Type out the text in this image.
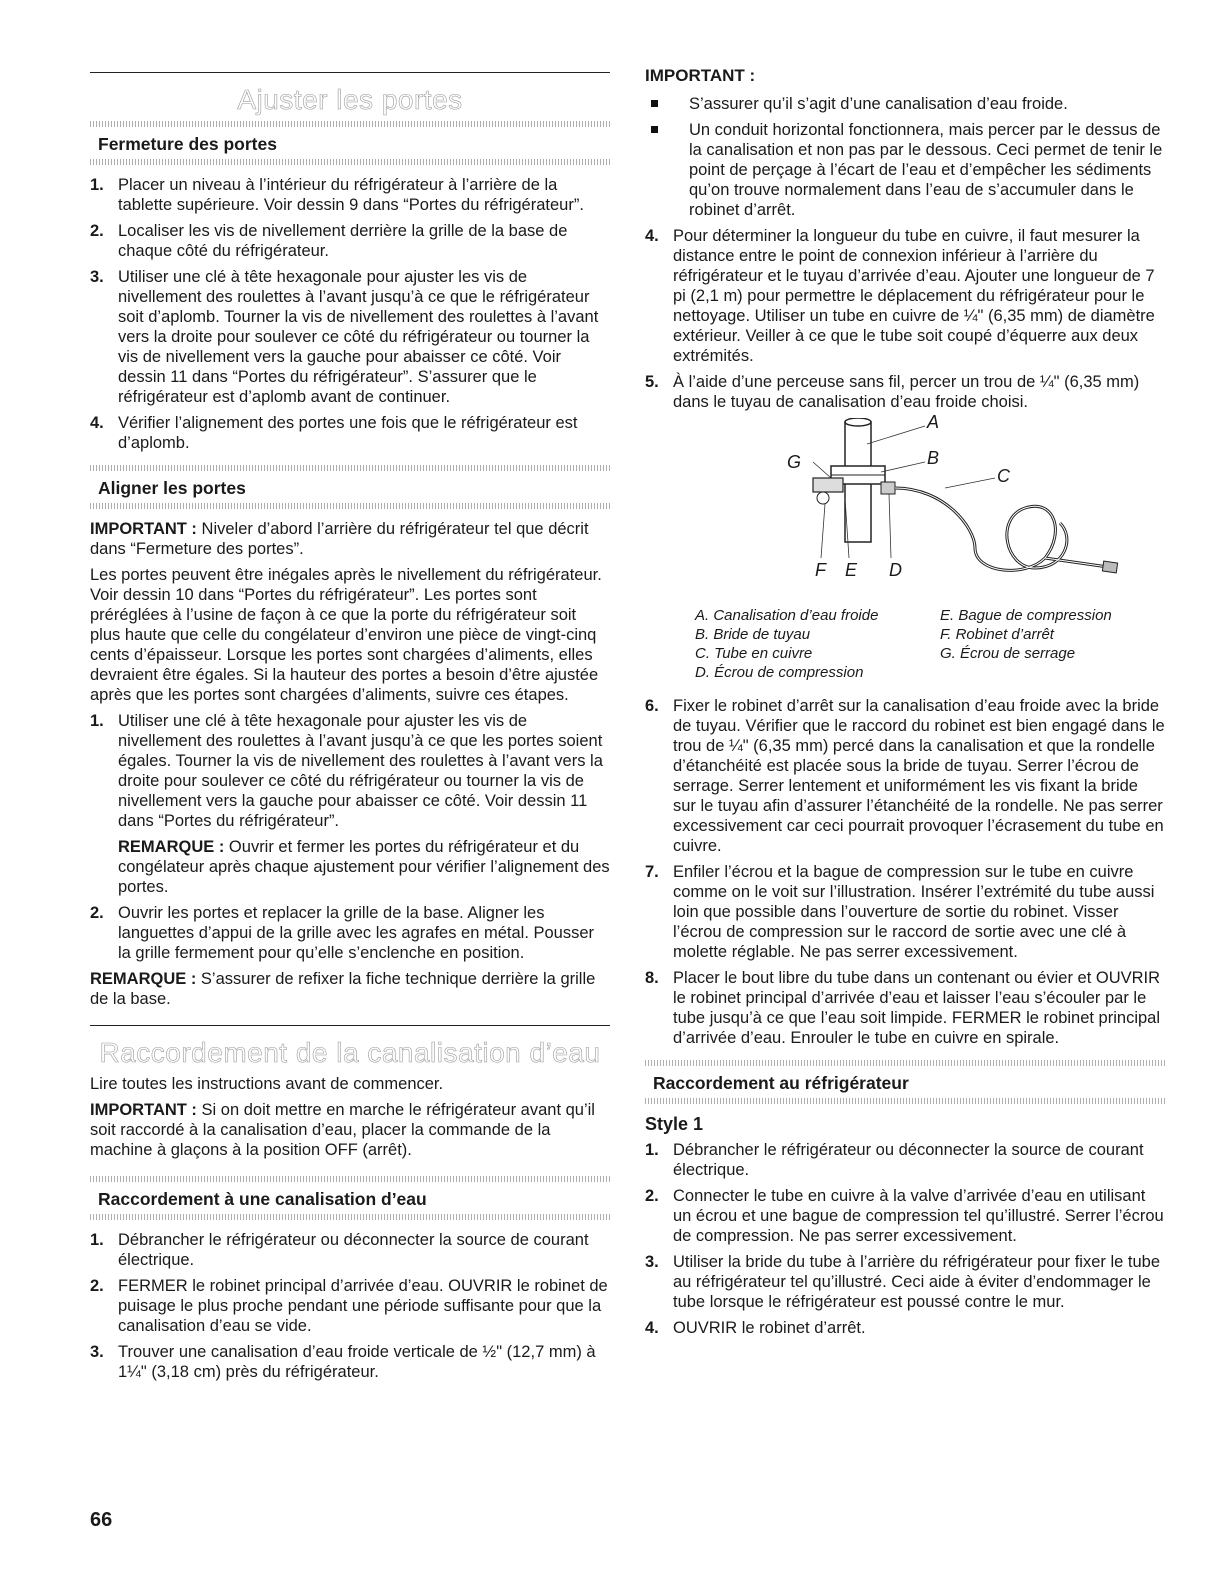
Ajuster les portes
Fermeture des portes
1. Placer un niveau à l’intérieur du réfrigérateur à l’arrière de la tablette supérieure. Voir dessin 9 dans “Portes du réfrigérateur”.
2. Localiser les vis de nivellement derrière la grille de la base de chaque côté du réfrigérateur.
3. Utiliser une clé à tête hexagonale pour ajuster les vis de nivellement des roulettes à l’avant jusqu’à ce que le réfrigérateur soit d’aplomb. Tourner la vis de nivellement des roulettes à l’avant vers la droite pour soulever ce côté du réfrigérateur ou tourner la vis de nivellement vers la gauche pour abaisser ce côté. Voir dessin 11 dans “Portes du réfrigérateur”. S’assurer que le réfrigérateur est d’aplomb avant de continuer.
4. Vérifier l’alignement des portes une fois que le réfrigérateur est d’aplomb.
Aligner les portes

IMPORTANT : Niveler d’abord l’arrière du réfrigérateur tel que décrit dans “Fermeture des portes”.

Les portes peuvent être inégales après le nivellement du réfrigérateur. Voir dessin 10 dans “Portes du réfrigérateur”. Les portes sont préréglées à l’usine de façon à ce que la porte du réfrigérateur soit plus haute que celle du congélateur d’environ une pièce de vingt-cinq cents d’épaisseur. Lorsque les portes sont chargées d’aliments, elles devraient être égales. Si la hauteur des portes a besoin d’être ajustée après que les portes sont chargées d’aliments, suivre ces étapes.

1. Utiliser une clé à tête hexagonale pour ajuster les vis de nivellement des roulettes à l’avant jusqu’à ce que les portes soient égales. Tourner la vis de nivellement des roulettes à l’avant vers la droite pour soulever ce côté du réfrigérateur ou tourner la vis de nivellement vers la gauche pour abaisser ce côté. Voir dessin 11 dans “Portes du réfrigérateur”.
REMARQUE : Ouvrir et fermer les portes du réfrigérateur et du congélateur après chaque ajustement pour vérifier l’alignement des portes.
2. Ouvrir les portes et replacer la grille de la base. Aligner les languettes d’appui de la grille avec les agrafes en métal. Pousser la grille fermement pour qu’elle s’enclenche en position.

REMARQUE : S’assurer de refixer la fiche technique derrière la grille de la base.

Raccordement de la canalisation d’eau

Lire toutes les instructions avant de commencer.

IMPORTANT : Si on doit mettre en marche le réfrigérateur avant qu’il soit raccordé à la canalisation d’eau, placer la commande de la machine à glaçons à la position OFF (arrêt).

Raccordement à une canalisation d’eau
1. Débrancher le réfrigérateur ou déconnecter la source de courant électrique.
2. FERMER le robinet principal d’arrivée d’eau. OUVRIR le robinet de puisage le plus proche pendant une période suffisante pour que la canalisation d’eau se vide.
3. Trouver une canalisation d’eau froide verticale de ½" (12,7 mm) à 1¼" (3,18 cm) près du réfrigérateur.
IMPORTANT :
S’assurer qu’il s’agit d’une canalisation d’eau froide.
Un conduit horizontal fonctionnera, mais percer par le dessus de la canalisation et non pas par le dessous. Ceci permet de tenir le point de perçage à l’écart de l’eau et d’empêcher les sédiments qu’on trouve normalement dans l’eau de s’accumuler dans le robinet d’arrêt.
4. Pour déterminer la longueur du tube en cuivre, il faut mesurer la distance entre le point de connexion inférieur à l’arrière du réfrigérateur et le tuyau d’arrivée d’eau. Ajouter une longueur de 7 pi (2,1 m) pour permettre le déplacement du réfrigérateur pour le nettoyage. Utiliser un tube en cuivre de ¼" (6,35 mm) de diamètre extérieur. Veiller à ce que le tube soit coupé d’équerre aux deux extrémités.
5. À l’aide d’une perceuse sans fil, percer un trou de ¼" (6,35 mm) dans le tuyau de canalisation d’eau froide choisi.
A
B
C
G
F E D
A. Canalisation d’eau froide
B. Bride de tuyau
C. Tube en cuivre
D. Écrou de compression
E. Bague de compression
F. Robinet d’arrêt
G. Écrou de serrage
6. Fixer le robinet d’arrêt sur la canalisation d’eau froide avec la bride de tuyau. Vérifier que le raccord du robinet est bien engagé dans le trou de ¼" (6,35 mm) percé dans la canalisation et que la rondelle d’étanchéité est placée sous la bride de tuyau. Serrer l’écrou de serrage. Serrer lentement et uniformément les vis fixant la bride sur le tuyau afin d’assurer l’étanchéité de la rondelle. Ne pas serrer excessivement car ceci pourrait provoquer l’écrasement du tube en cuivre.
7. Enfiler l’écrou et la bague de compression sur le tube en cuivre comme on le voit sur l’illustration. Insérer l’extrémité du tube aussi loin que possible dans l’ouverture de sortie du robinet. Visser l’écrou de compression sur le raccord de sortie avec une clé à molette réglable. Ne pas serrer excessivement.
8. Placer le bout libre du tube dans un contenant ou évier et OUVRIR le robinet principal d’arrivée d’eau et laisser l’eau s’écouler par le tube jusqu’à ce que l’eau soit limpide. FERMER le robinet principal d’arrivée d’eau. Enrouler le tube en cuivre en spirale.
Raccordement au réfrigérateur
Style 1
1. Débrancher le réfrigérateur ou déconnecter la source de courant électrique.
2. Connecter le tube en cuivre à la valve d’arrivée d’eau en utilisant un écrou et une bague de compression tel qu’illustré. Serrer l’écrou de compression. Ne pas serrer excessivement.
3. Utiliser la bride du tube à l’arrière du réfrigérateur pour fixer le tube au réfrigérateur tel qu’illustré. Ceci aide à éviter d’endommager le tube lorsque le réfrigérateur est poussé contre le mur.
4. OUVRIR le robinet d’arrêt.
66
